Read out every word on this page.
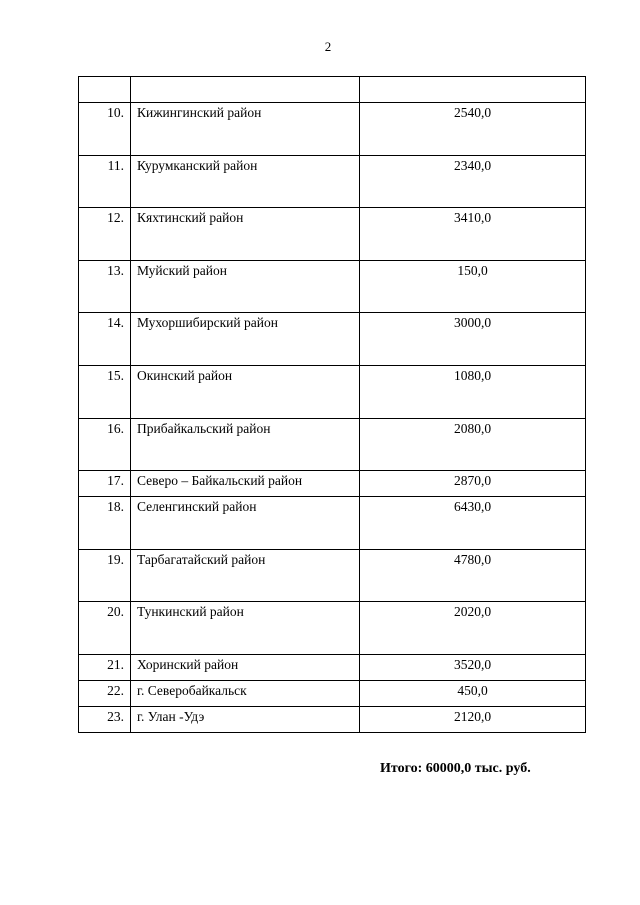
2

10.	Кижингинский район	2540,0

11.	Курумканский район	2340,0

12.	Кяхтинский район	3410,0

13.	Муйский район	150,0

14.	Мухоршибирский район	3000,0

15.	Окинский район	1080,0

16.	Прибайкальский район	2080,0

17.	Северо – Байкальский район	2870,0

18.	Селенгинский район	6430,0

19.	Тарбагатайский район	4780,0

20.	Тункинский район	2020,0

21.	Хоринский район	3520,0

22.	г. Северобайкальск	450,0

23.	г. Улан -Удэ	2120,0
Итого: 60000,0 тыс. руб.
